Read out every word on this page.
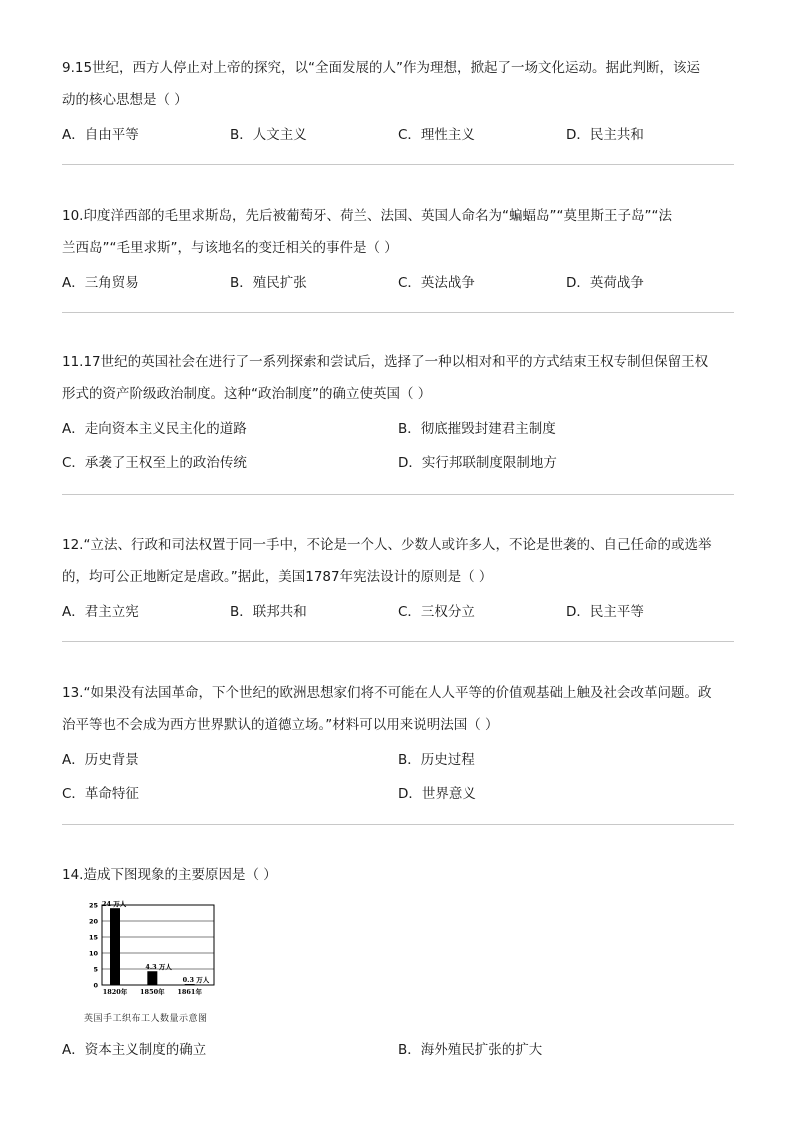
9.15世纪，西方人停止对上帝的探究，以“全面发展的人”作为理想，掀起了一场文化运动。据此判断，该运

动的核心思想是（ ）

A．自由平等	B．人文主义	C．理性主义	D．民主共和

10.印度洋西部的毛里求斯岛，先后被葡萄牙、荷兰、法国、英国人命名为“蝙蝠岛”“莫里斯王子岛”“法

兰西岛”“毛里求斯”，与该地名的变迁相关的事件是（ ）

A．三角贸易	B．殖民扩张	C．英法战争	D．英荷战争

11.17世纪的英国社会在进行了一系列探索和尝试后，选择了一种以相对和平的方式结束王权专制但保留王权

形式的资产阶级政治制度。这种“政治制度”的确立使英国（ ）

A．走向资本主义民主化的道路	B．彻底摧毁封建君主制度
C．承袭了王权至上的政治传统	D．实行邦联制度限制地方

12.“立法、行政和司法权置于同一手中，不论是一个人、少数人或许多人，不论是世袭的、自己任命的或选举

的，均可公正地断定是虐政。”据此，美国1787年宪法设计的原则是（ ）

A．君主立宪	B．联邦共和	C．三权分立	D．民主平等

13.“如果没有法国革命，下个世纪的欧洲思想家们将不可能在人人平等的价值观基础上触及社会改革问题。政

治平等也不会成为西方世界默认的道德立场。”材料可以用来说明法国（ ）

A．历史背景	B．历史过程
C．革命特征	D．世界意义

14.造成下图现象的主要原因是（ ）

0
5
10
15
20
25 24 万人
1820年
4.3 万人
1850年
0.3 万人
1861年
英国手工织布工人数量示意图
A．资本主义制度的确立	B．海外殖民扩张的扩大
